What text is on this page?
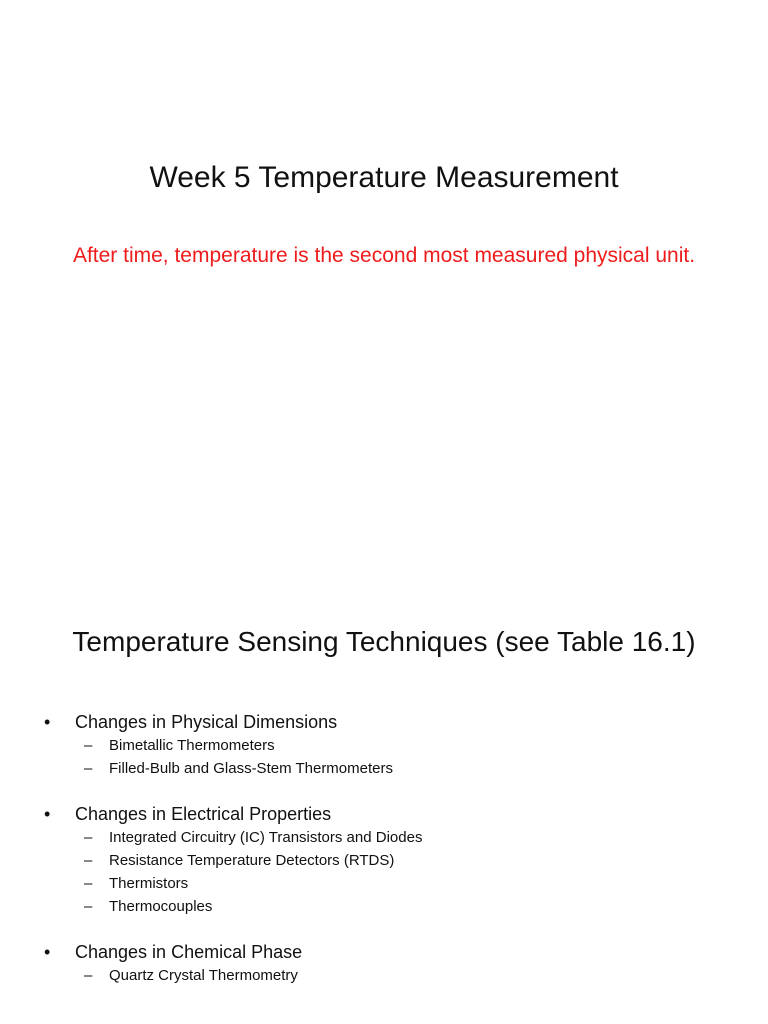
Week 5 Temperature Measurement
After time, temperature is the second most measured physical unit.
Temperature Sensing Techniques (see Table 16.1)
•	Changes in Physical Dimensions
–	Bimetallic Thermometers
–	Filled-Bulb and Glass-Stem Thermometers
•	Changes in Electrical Properties
–	Integrated Circuitry (IC) Transistors and Diodes
–	Resistance Temperature Detectors (RTDS)
–	Thermistors
–	Thermocouples
•	Changes in Chemical Phase
–	Quartz Crystal Thermometry
